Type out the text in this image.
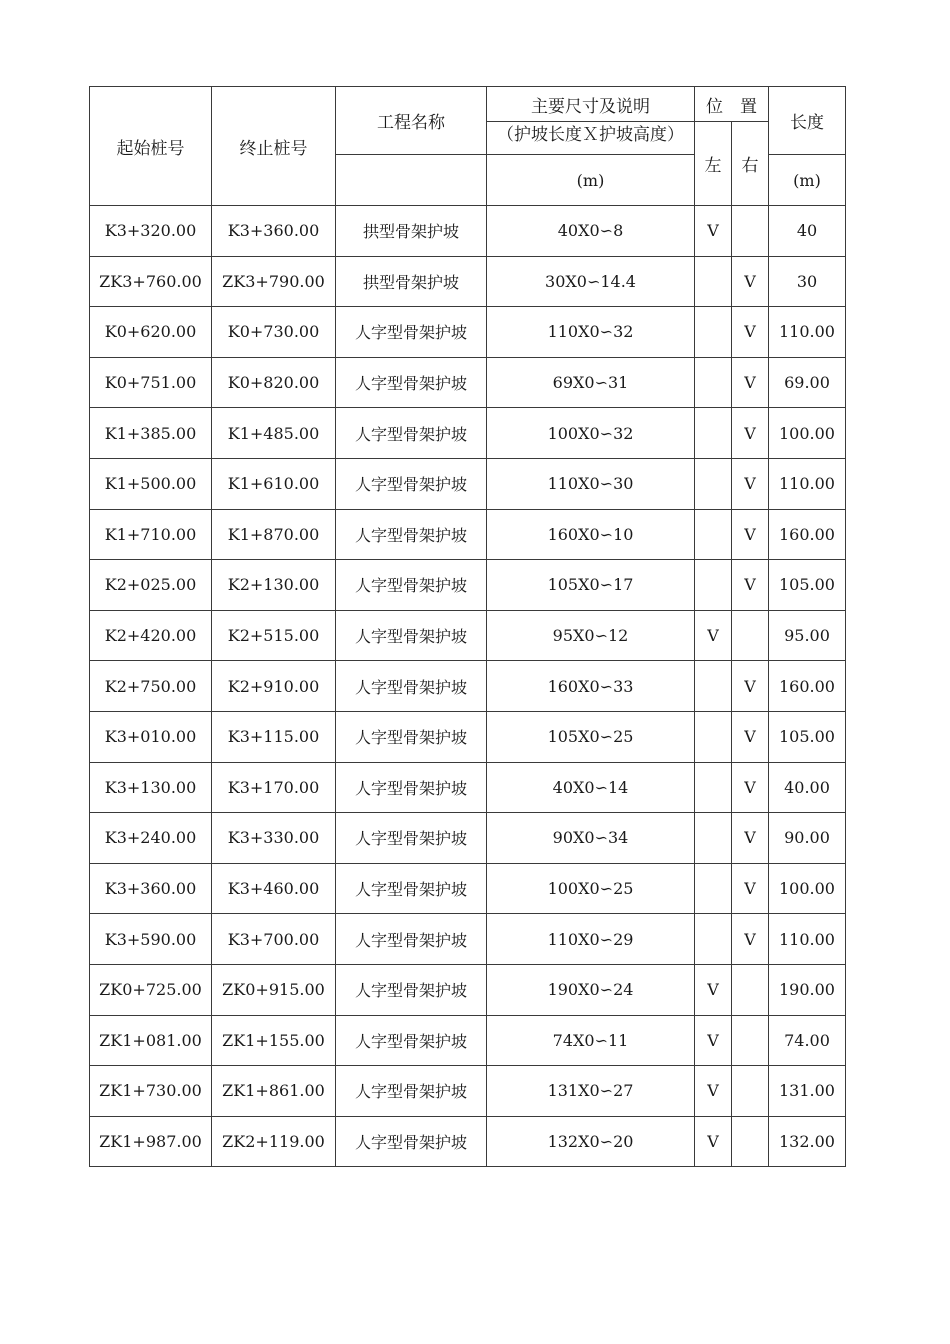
起始桩号	终止桩号	工程名称	主要尺寸及说明	位　置		长度

			（护坡长度Ｘ护坡高度）	左	右	
			(m)			(m)
K3+320.00	K3+360.00	拱型骨架护坡	40X0∽8	V		40
ZK3+760.00	ZK3+790.00	拱型骨架护坡	30X0∽14.4		V	30
K0+620.00	K0+730.00	人字型骨架护坡	110X0∽32		V	110.00
K0+751.00	K0+820.00	人字型骨架护坡	69X0∽31		V	69.00
K1+385.00	K1+485.00	人字型骨架护坡	100X0∽32		V	100.00
K1+500.00	K1+610.00	人字型骨架护坡	110X0∽30		V	110.00
K1+710.00	K1+870.00	人字型骨架护坡	160X0∽10		V	160.00
K2+025.00	K2+130.00	人字型骨架护坡	105X0∽17		V	105.00
K2+420.00	K2+515.00	人字型骨架护坡	95X0∽12	V		95.00
K2+750.00	K2+910.00	人字型骨架护坡	160X0∽33		V	160.00
K3+010.00	K3+115.00	人字型骨架护坡	105X0∽25		V	105.00
K3+130.00	K3+170.00	人字型骨架护坡	40X0∽14		V	40.00
K3+240.00	K3+330.00	人字型骨架护坡	90X0∽34		V	90.00
K3+360.00	K3+460.00	人字型骨架护坡	100X0∽25		V	100.00
K3+590.00	K3+700.00	人字型骨架护坡	110X0∽29		V	110.00
ZK0+725.00	ZK0+915.00	人字型骨架护坡	190X0∽24	V		190.00
ZK1+081.00	ZK1+155.00	人字型骨架护坡	74X0∽11	V		74.00
ZK1+730.00	ZK1+861.00	人字型骨架护坡	131X0∽27	V		131.00
ZK1+987.00	ZK2+119.00	人字型骨架护坡	132X0∽20	V		132.00
